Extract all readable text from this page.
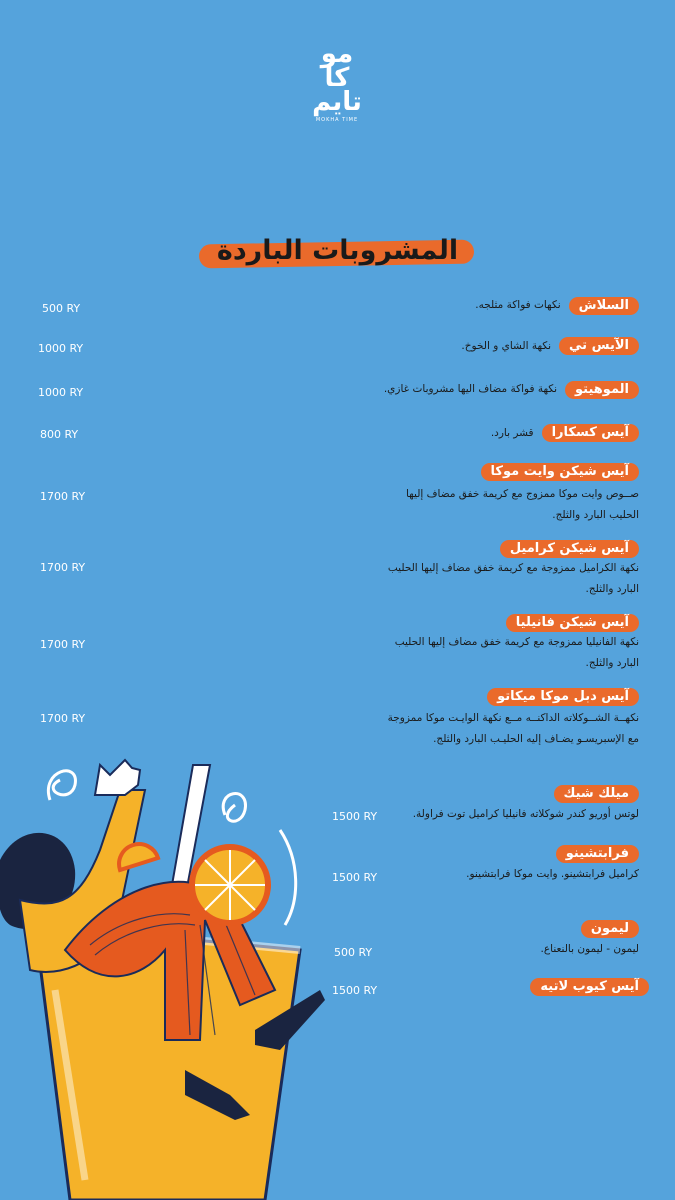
مو
كا
تايم
MOKHA TIME
المشروبات الباردة
السلاش
نكهات فواكة مثلجه.
500 RY
الآيس تي
نكهة الشاي و الخوخ.
1000 RY
الموهيتو
نكهة فواكة مضاف اليها مشروبات غازي.
1000 RY
آيس كسكارا
قشر بارد.
800 RY
آيس شيكن وايت موكا
صــوص وايت موكا ممزوج مع كريمة خفق مضاف إليها الحليب البارد والثلج.
1700 RY
آيس شيكن كراميل
نكهة الكراميل ممزوجة مع كريمة خفق مضاف إليها الحليب البارد والثلج.
1700 RY
آيس شيكن فانيليا
نكهة الفانيليا ممزوجة مع كريمة خفق مضاف إليها الحليب البارد والثلج.
1700 RY
آيس دبل موكا ميكاتو
نكهــة الشــوكلاته الداكنــه مــع نكهة الوايـت موكا ممزوجة مع الإسبريسـو يضـاف إليه الحليـب البارد والثلج.
1700 RY
ميلك شيك
لوتس أوريو كندر شوكلاته فانيليا كراميل توت فراولة.
1500 RY
فرابتشينو
كراميل فرابتشينو. وايت موكا فرابتشينو.
1500 RY
ليمون
ليمون - ليمون بالنعناع.
500 RY
آيس كيوب لاتيه
1500 RY
